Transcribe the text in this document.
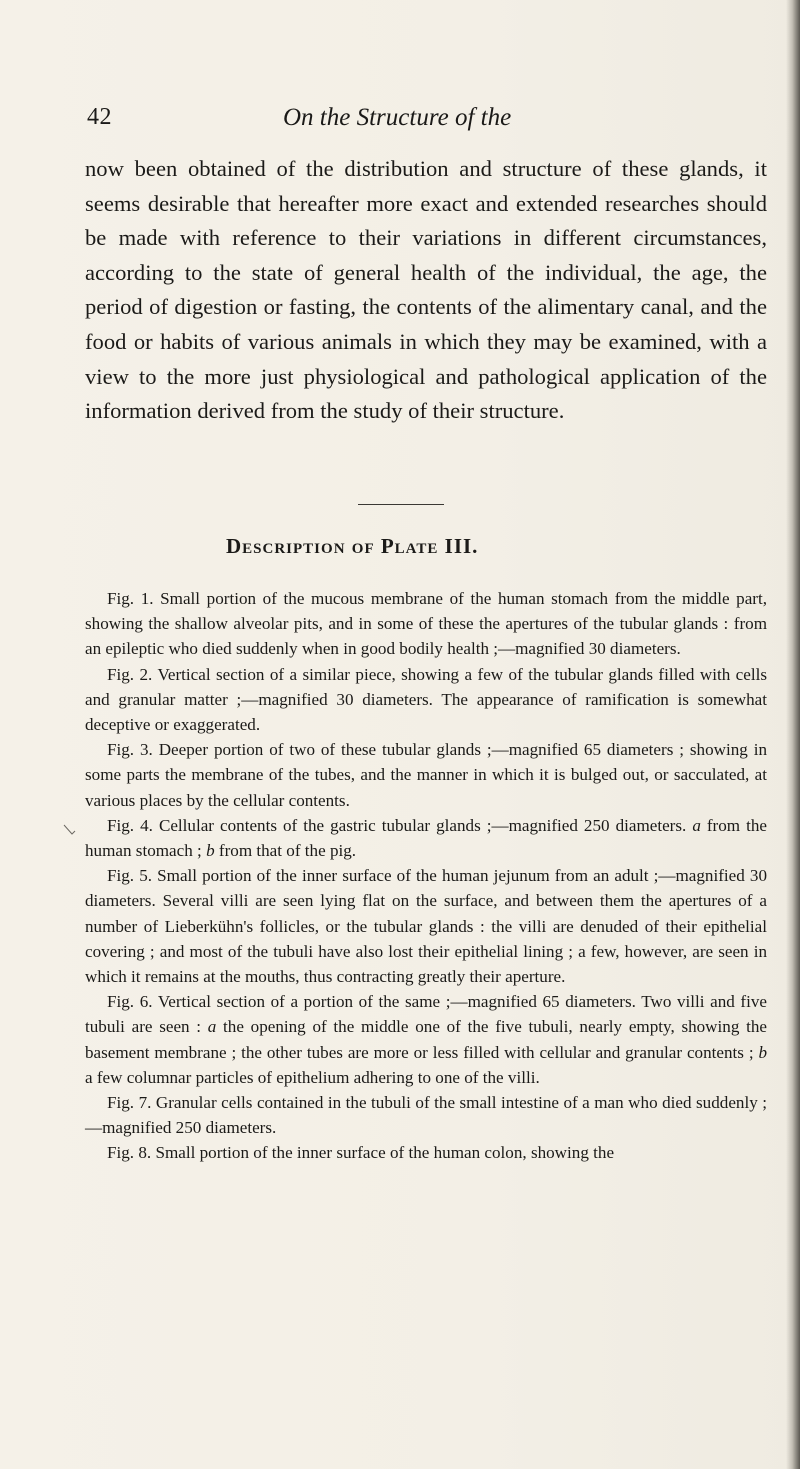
42	On the Structure of the

now been obtained of the distribution and structure of these glands, it seems desirable that hereafter more exact and extended researches should be made with reference to their variations in different circumstances, according to the state of general health of the individual, the age, the period of digestion or fasting, the contents of the alimentary canal, and the food or habits of various animals in which they may be examined, with a view to the more just physiological and pathological application of the information derived from the study of their structure.

Description of Plate III.
Fig. 1. Small portion of the mucous membrane of the human stomach from the middle part, showing the shallow alveolar pits, and in some of these the apertures of the tubular glands : from an epileptic who died suddenly when in good bodily health ;—magnified 30 diameters.
Fig. 2. Vertical section of a similar piece, showing a few of the tubular glands filled with cells and granular matter ;—magnified 30 diameters. The appearance of ramification is somewhat deceptive or exaggerated.
Fig. 3. Deeper portion of two of these tubular glands ;—magnified 65 diameters ; showing in some parts the membrane of the tubes, and the manner in which it is bulged out, or sacculated, at various places by the cellular contents.
Fig. 4. Cellular contents of the gastric tubular glands ;—magnified 250 diameters. a from the human stomach ; b from that of the pig.
Fig. 5. Small portion of the inner surface of the human jejunum from an adult ;—magnified 30 diameters. Several villi are seen lying flat on the surface, and between them the apertures of a number of Lieberkühn's follicles, or the tubular glands : the villi are denuded of their epithelial covering ; and most of the tubuli have also lost their epithelial lining ; a few, however, are seen in which it remains at the mouths, thus contracting greatly their aperture.
Fig. 6. Vertical section of a portion of the same ;—magnified 65 diameters. Two villi and five tubuli are seen : a the opening of the middle one of the five tubuli, nearly empty, showing the basement membrane ; the other tubes are more or less filled with cellular and granular contents ; b a few columnar particles of epithelium adhering to one of the villi.
Fig. 7. Granular cells contained in the tubuli of the small intestine of a man who died suddenly ;—magnified 250 diameters.
Fig. 8. Small portion of the inner surface of the human colon, showing the
